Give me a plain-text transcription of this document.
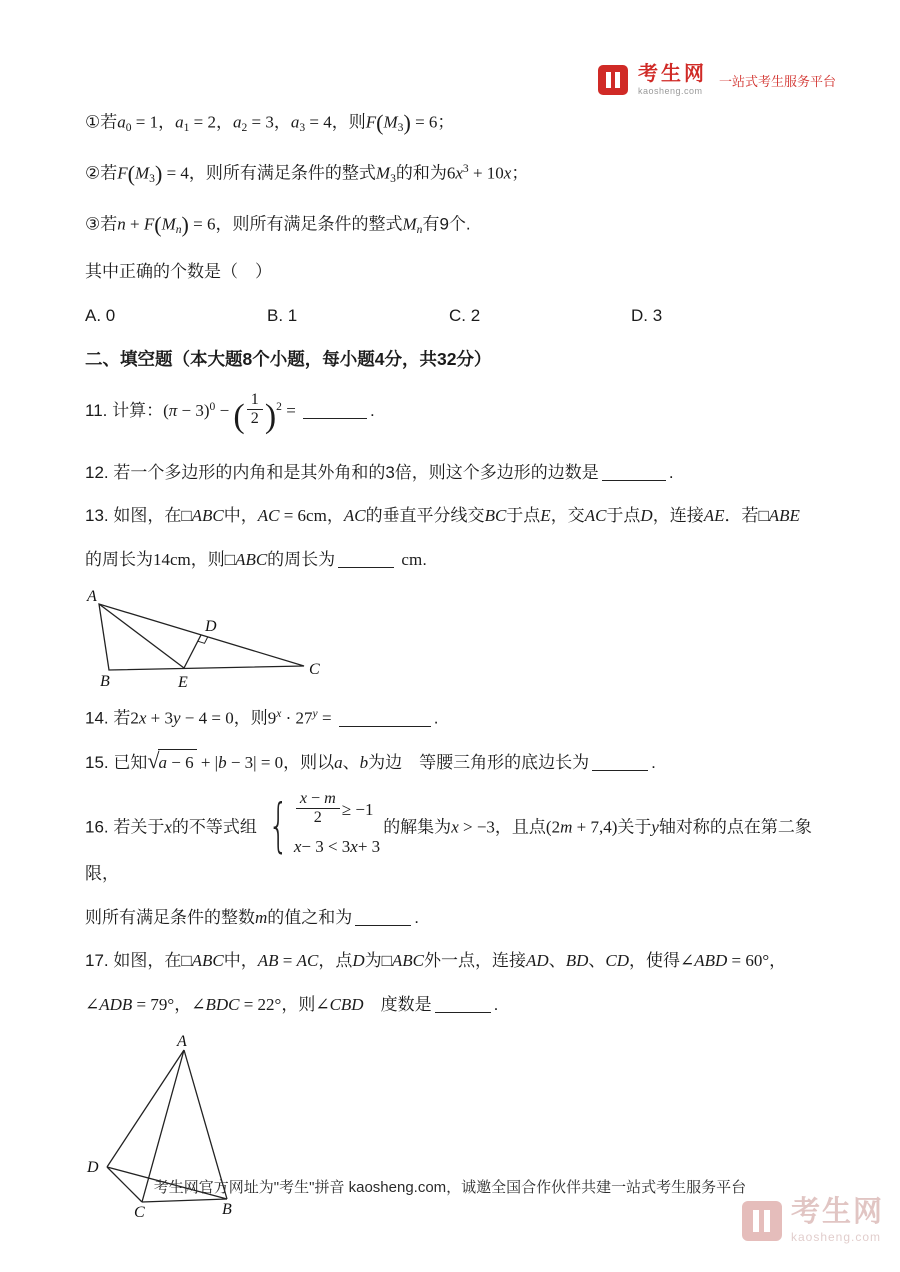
考生网
kaosheng.com
一站式考生服务平台
①若$a_0 = 1$，$a_1 = 2$，$a_2 = 3$，$a_3 = 4$，则$F(M_3) = 6$；
②若$F(M_3) = 4$，则所有满足条件的整式$M_3$的和为$6x^3 + 10x$；
③若$n + F(M_n) = 6$，则所有满足条件的整式$M_n$有9个.
其中正确的个数是（　）
A. 0	B. 1	C. 2	D. 3
二、填空题（本大题8个小题，每小题4分，共32分）
11. 计算：$(\pi - 3)^0$ − ( $\frac{1}{2} )^2$ =	.
12. 若一个多边形的内角和是其外角和的3倍，则这个多边形的边数是	.
13. 如图，在□ABC中，AC = 6cm，AC的垂直平分线交BC于点E，交AC于点D，连接AE．若□ABE
的周长为14cm，则□ABC的周长为	cm.
A
B	E
C
D
14. 若2x + 3y − 4 = 0，则$9^x \cdot 27^y$ =	.
15. 已知 √ a − 6 + |b − 3| = 0，则以a、b为边　等腰三角形的底边长为	.
16. 若关于x的不等式组 { $\frac{x - m}{2} \ge -1$
x − 3 < 3 x + 3
的解集为x > −3，且点(2m + 7,4)关于y轴对称的点在第二象限，
则所有满足条件的整数m的值之和为	.
17. 如图，在□ABC中，AB = AC，点D为□ABC外一点，连接AD、BD、CD，使得∠ABD = 60°，
∠ADB = 79°，∠BDC = 22°，则∠CBD　度数是	.
A
D
C	B
考生网官方网址为"考生"拼音 kaosheng.com，诚邀全国合作伙伴共建一站式考生服务平台
考生网
kaosheng.com
